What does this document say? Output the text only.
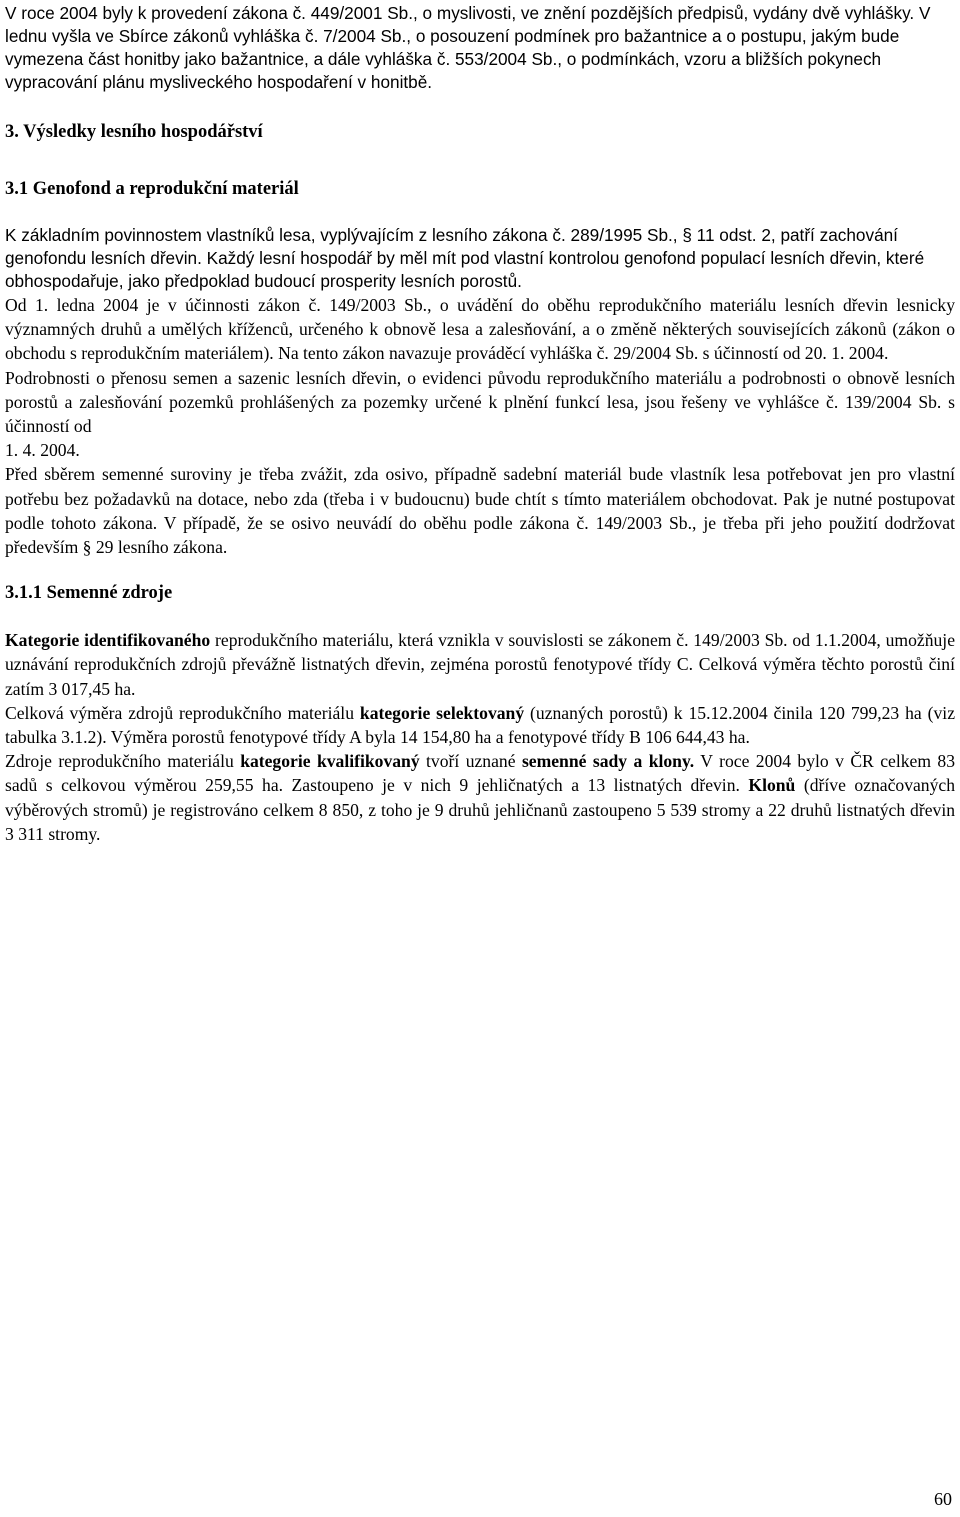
V roce 2004 byly k provedení zákona č. 449/2001 Sb., o myslivosti, ve znění pozdějších předpisů, vydány dvě vyhlášky. V lednu vyšla ve Sbírce zákonů vyhláška č. 7/2004 Sb., o posouzení podmínek pro bažantnice a o postupu, jakým bude vymezena část honitby jako bažantnice, a dále vyhláška č. 553/2004 Sb., o podmínkách, vzoru a bližších pokynech vypracování plánu mysliveckého hospodaření v honitbě.

3. Výsledky lesního hospodářství
3.1 Genofond a reprodukční materiál

K základním povinnostem vlastníků lesa, vyplývajícím z lesního zákona č. 289/1995 Sb., § 11 odst. 2, patří zachování genofondu lesních dřevin. Každý lesní hospodář by měl mít pod vlastní kontrolou genofond populací lesních dřevin, které obhospodařuje, jako předpoklad budoucí prosperity lesních porostů.

Od 1. ledna 2004 je v účinnosti zákon č. 149/2003 Sb., o uvádění do oběhu reprodukčního materiálu lesních dřevin lesnicky významných druhů a umělých kříženců, určeného k obnově lesa a zalesňování, a o změně některých souvisejících zákonů (zákon o obchodu s reprodukčním materiálem). Na tento zákon navazuje prováděcí vyhláška č. 29/2004 Sb. s účinností od 20. 1. 2004.

Podrobnosti o přenosu semen a sazenic lesních dřevin, o evidenci původu reprodukčního materiálu a podrobnosti o obnově lesních porostů a zalesňování pozemků prohlášených za pozemky určené k plnění funkcí lesa, jsou řešeny ve vyhlášce č. 139/2004 Sb. s účinností od
1. 4. 2004.

Před sběrem semenné suroviny je třeba zvážit, zda osivo, případně sadební materiál bude vlastník lesa potřebovat jen pro vlastní potřebu bez požadavků na dotace, nebo zda (třeba i v budoucnu) bude chtít s tímto materiálem obchodovat. Pak je nutné postupovat podle tohoto zákona. V případě, že se osivo neuvádí do oběhu podle zákona č. 149/2003 Sb., je třeba při jeho použití dodržovat především § 29 lesního zákona.

3.1.1 Semenné zdroje

Kategorie identifikovaného reprodukčního materiálu, která vznikla v souvislosti se zákonem č. 149/2003 Sb. od 1.1.2004, umožňuje uznávání reprodukčních zdrojů převážně listnatých dřevin, zejména porostů fenotypové třídy C. Celková výměra těchto porostů činí zatím 3 017,45 ha.

Celková výměra zdrojů reprodukčního materiálu kategorie selektovaný (uznaných porostů) k 15.12.2004 činila 120 799,23 ha (viz tabulka 3.1.2). Výměra porostů fenotypové třídy A byla 14 154,80 ha a fenotypové třídy B 106 644,43 ha.

Zdroje reprodukčního materiálu kategorie kvalifikovaný tvoří uznané semenné sady a klony. V roce 2004 bylo v ČR celkem 83 sadů s celkovou výměrou 259,55 ha. Zastoupeno je v nich 9 jehličnatých a 13 listnatých dřevin. Klonů (dříve označovaných výběrových stromů) je registrováno celkem 8 850, z toho je 9 druhů jehličnanů zastoupeno 5 539 stromy a 22 druhů listnatých dřevin 3 311 stromy.

60
